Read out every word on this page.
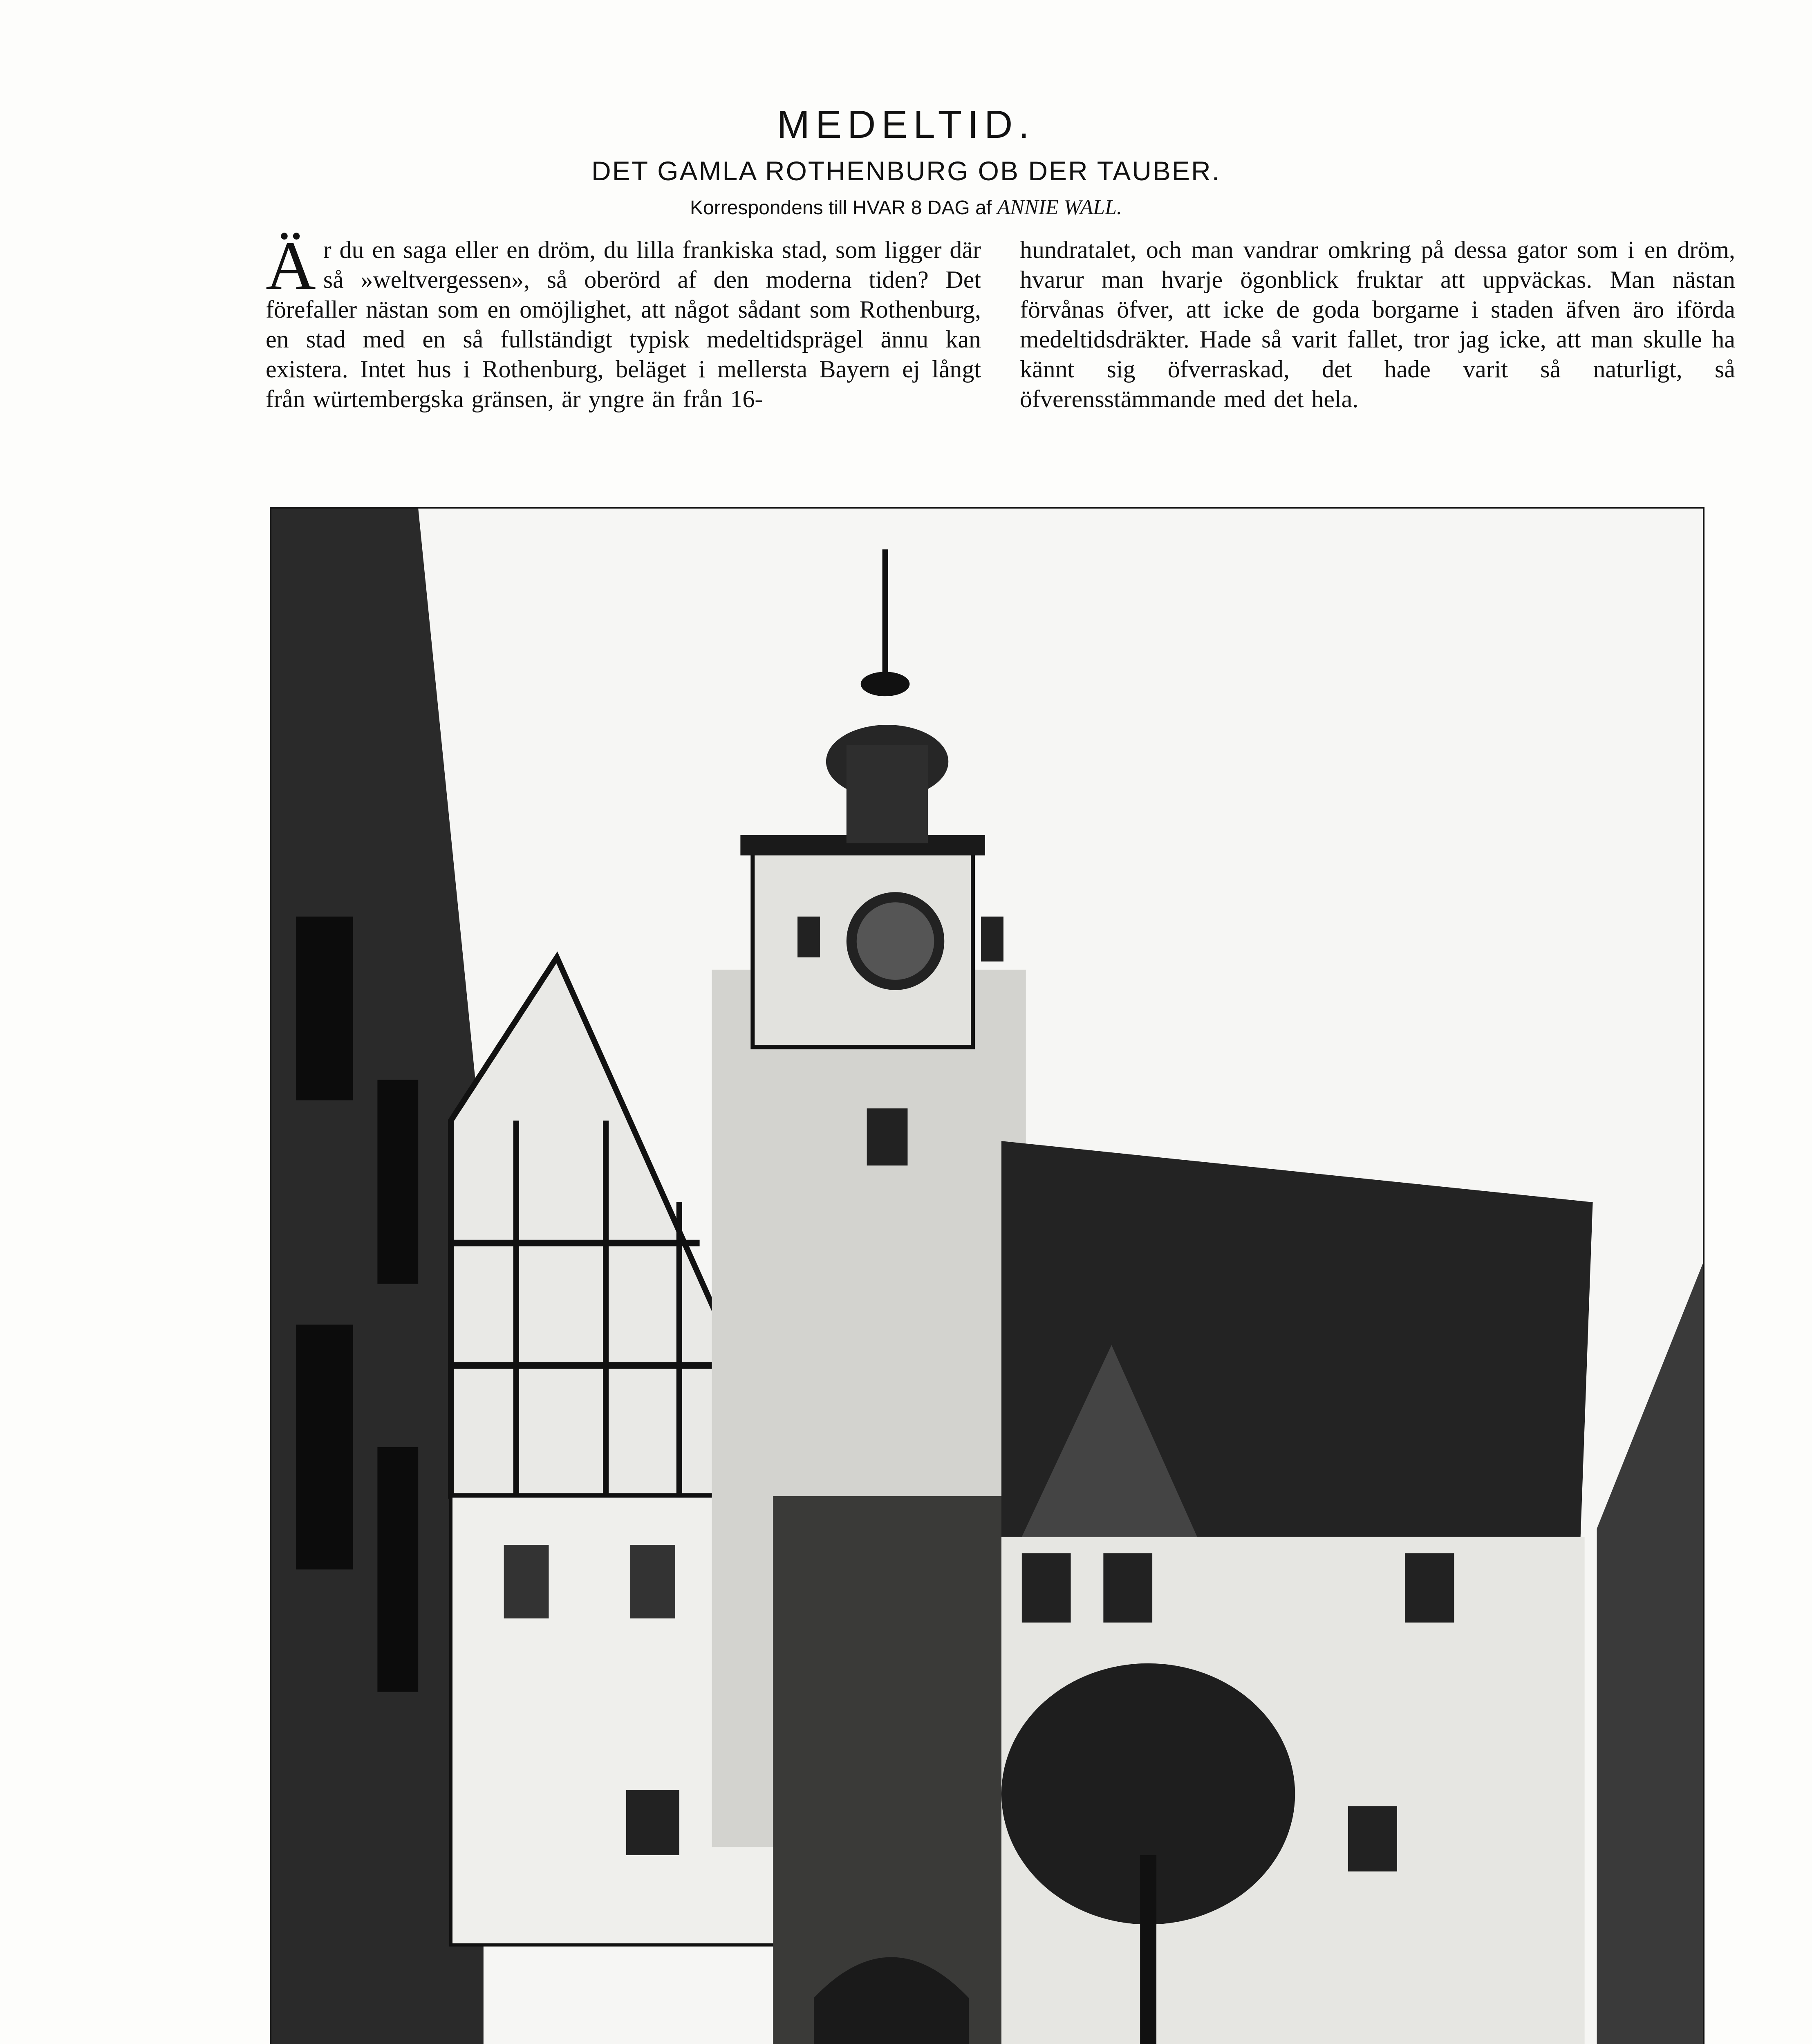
MEDELTID.
DET GAMLA ROTHENBURG OB DER TAUBER.
Korrespondens till HVAR 8 DAG af ANNIE WALL.
Ä r du en saga eller en dröm, du lilla frankiska stad, som ligger där så »weltvergessen», så oberörd af den moderna tiden? Det förefaller nästan som en omöjlighet, att något sådant som Rothenburg, en stad med en så fullständigt typisk medeltidsprägel ännu kan existera. Intet hus i Rothenburg, beläget i mellersta Bayern ej långt från würtembergska gränsen, är yngre än från 16-

hundratalet, och man vandrar omkring på dessa gator som i en dröm, hvarur man hvarje ögonblick fruktar att uppväckas. Man nästan förvånas öfver, att icke de goda borgarne i staden äfven äro iförda medeltidsdräkter. Hade så varit fallet, tror jag icke, att man skulle ha kännt sig öfverraskad, det hade varit så naturligt, så öfverensstämmande med det hela.
